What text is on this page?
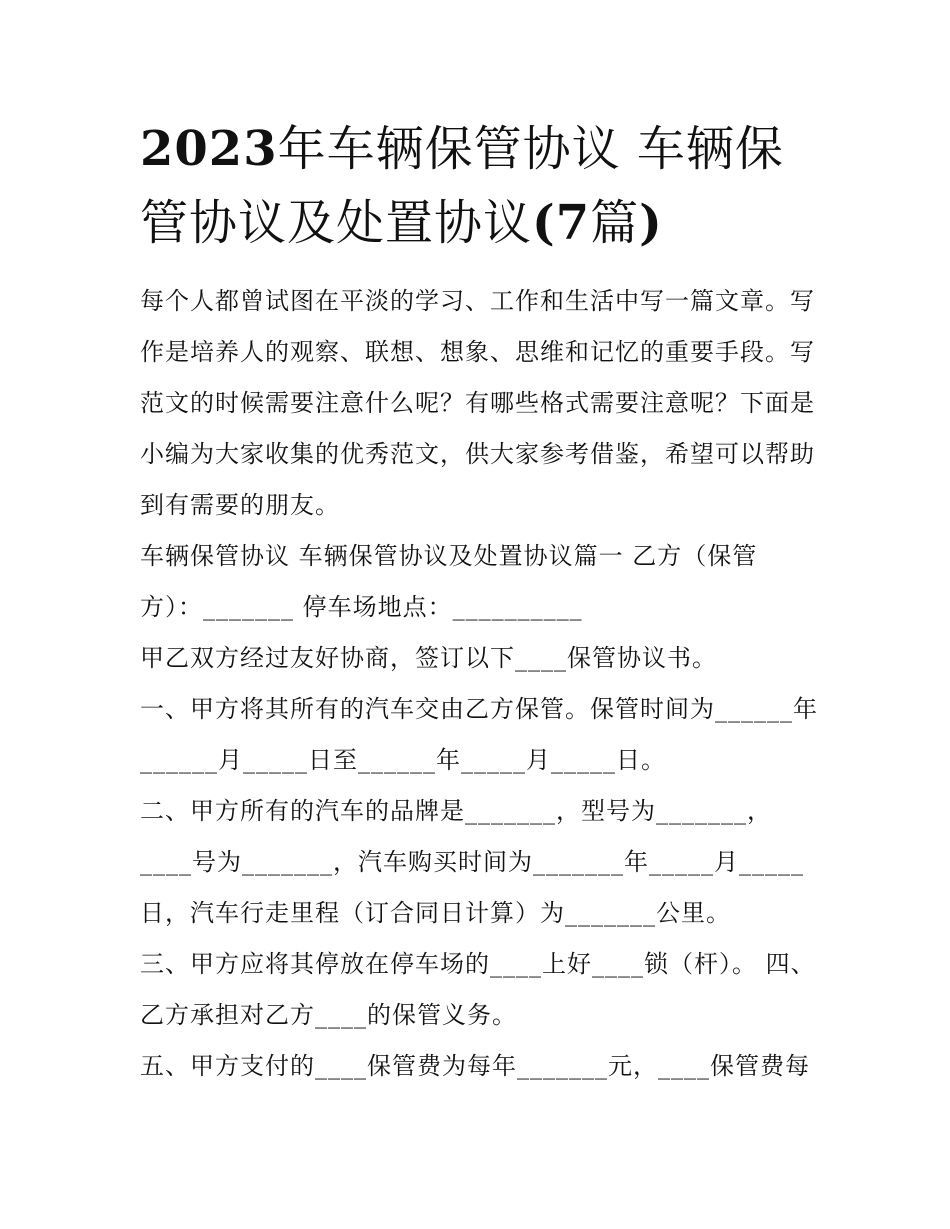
2023年车辆保管协议 车辆保管协议及处置协议(7篇)

每个人都曾试图在平淡的学习、工作和生活中写一篇文章。写作是培养人的观察、联想、想象、思维和记忆的重要手段。写范文的时候需要注意什么呢？有哪些格式需要注意呢？下面是小编为大家收集的优秀范文，供大家参考借鉴，希望可以帮助到有需要的朋友。

车辆保管协议 车辆保管协议及处置协议篇一 乙方（保管方）：_______ 停车场地点：__________

甲乙双方经过友好协商，签订以下____保管协议书。

一、甲方将其所有的汽车交由乙方保管。保管时间为______年______月_____日至______年_____月_____日。

二、甲方所有的汽车的品牌是_______，型号为_______，____号为_______，汽车购买时间为_______年_____月_____日，汽车行走里程（订合同日计算）为_______公里。

三、甲方应将其停放在停车场的____上好____锁（杆）。 四、乙方承担对乙方____的保管义务。

五、甲方支付的____保管费为每年_______元，____保管费每
